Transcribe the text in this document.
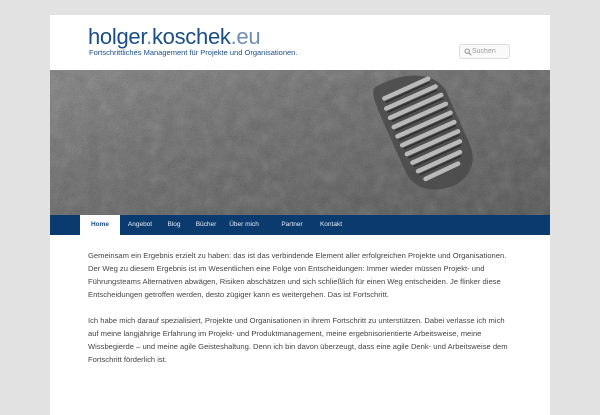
holger.koschek.eu
Fortschrittliches Management für Projekte und Organisationen.
Suchen
Home	Angebot	Blog	Bücher	Über mich	Partner	Kontakt

Gemeinsam ein Ergebnis erzielt zu haben: das ist das verbindende Element aller erfolgreichen Projekte und Organisationen. Der Weg zu diesem Ergebnis ist im Wesentlichen eine Folge von Entscheidungen: Immer wieder müssen Projekt- und Führungsteams Alternativen abwägen, Risiken abschätzen und sich schließlich für einen Weg entscheiden. Je flinker diese Entscheidungen getroffen werden, desto zügiger kann es weitergehen. Das ist Fortschritt.

Ich habe mich darauf spezialisiert, Projekte und Organisationen in ihrem Fortschritt zu unterstützen. Dabei verlasse ich mich auf meine langjährige Erfahrung im Projekt- und Produktmanagement, meine ergebnisorientierte Arbeitsweise, meine Wissbegierde – und meine agile Geisteshaltung. Denn ich bin davon überzeugt, dass eine agile Denk- und Arbeitsweise dem Fortschritt förderlich ist.
